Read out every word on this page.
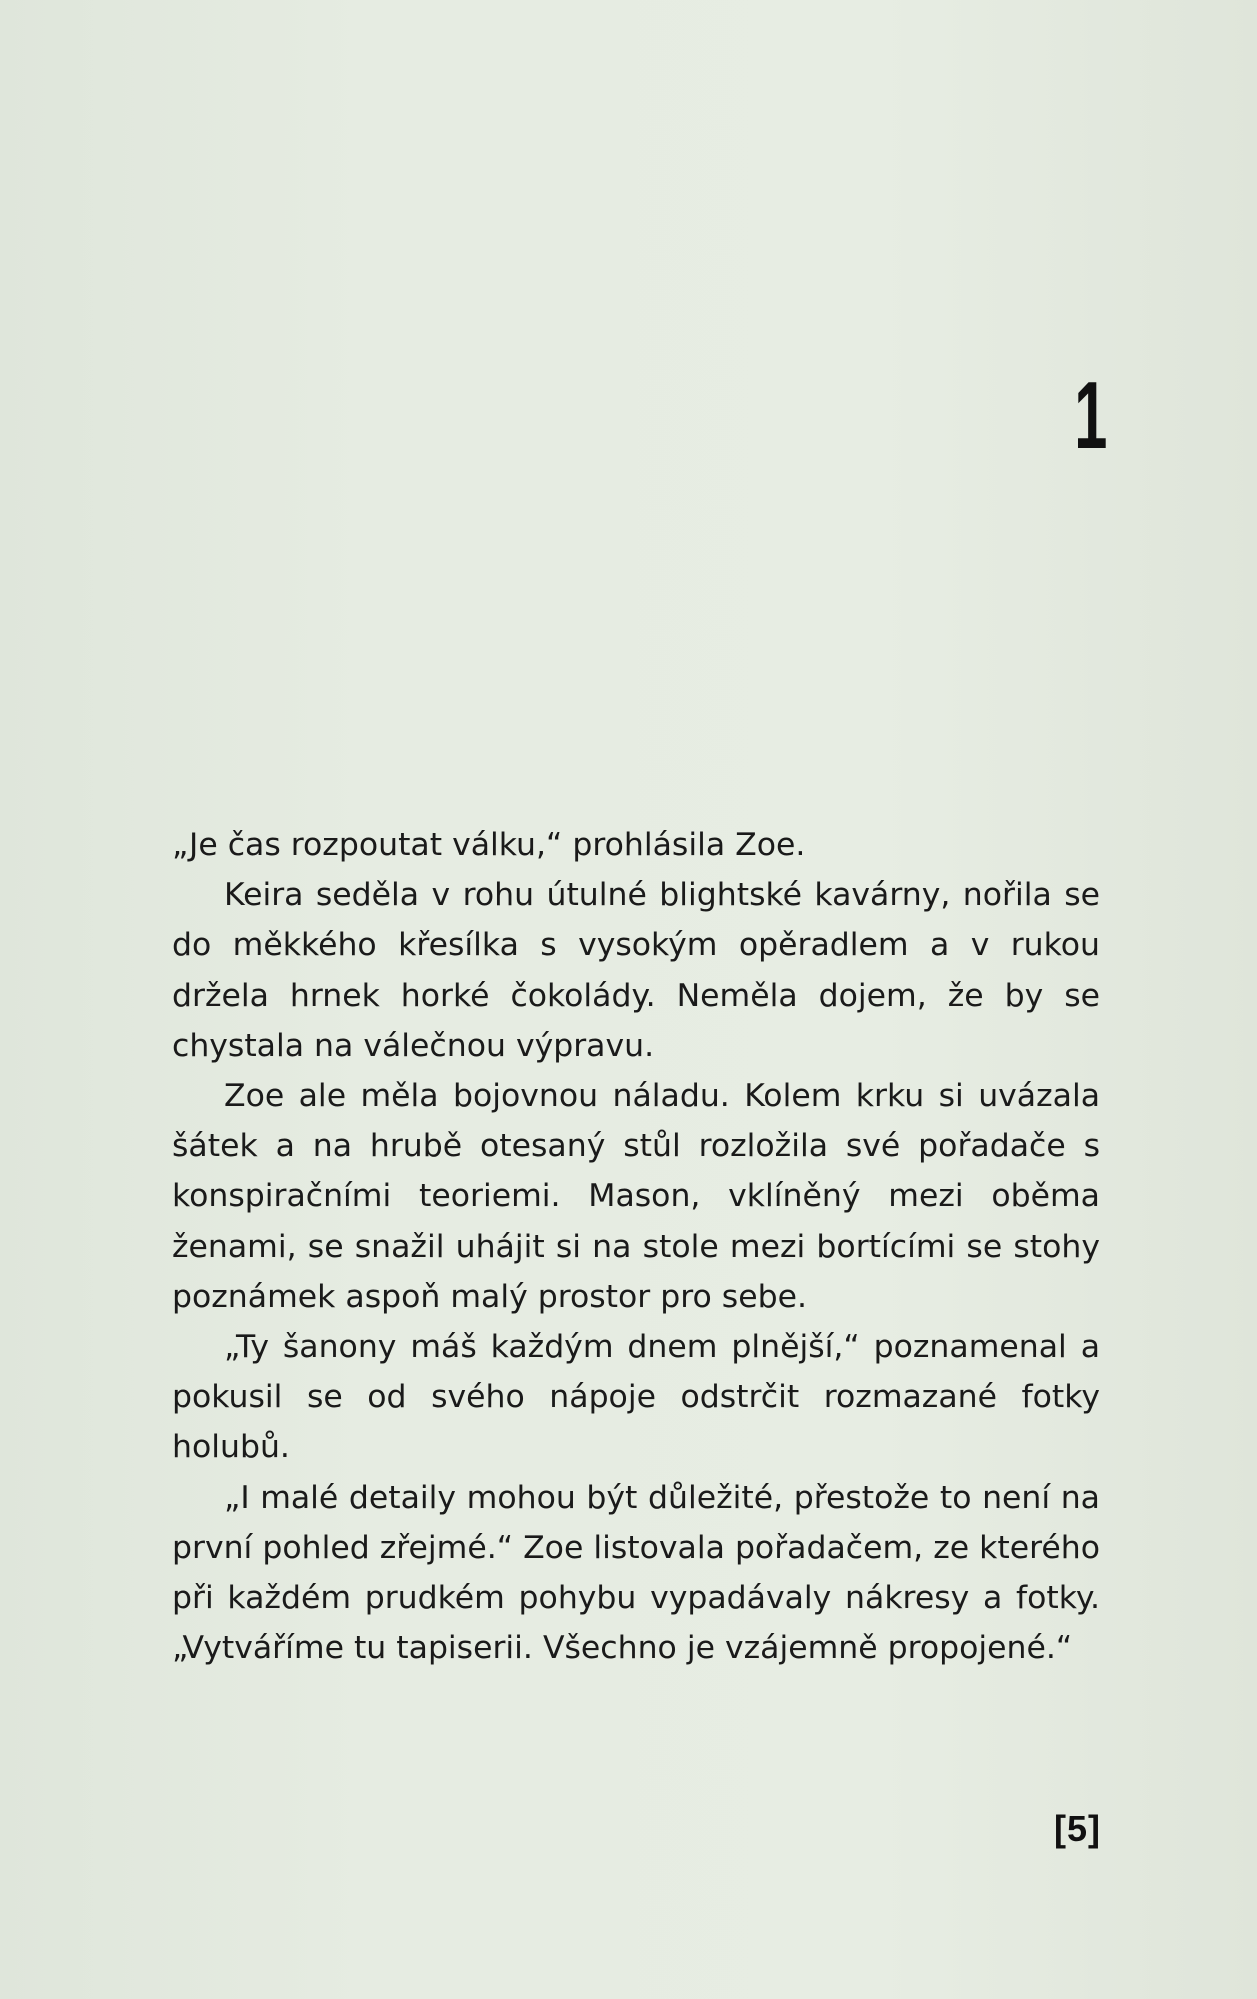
1

„Je čas rozpoutat válku,“ prohlásila Zoe.

Keira seděla v rohu útulné blightské kavárny, nořila se do měkkého křesílka s vysokým opěradlem a v rukou držela hrnek horké čokolády. Neměla dojem, že by se chystala na válečnou výpravu.

Zoe ale měla bojovnou náladu. Kolem krku si uvázala šátek a na hrubě otesaný stůl rozložila své pořadače s konspiračními teoriemi. Mason, vklíněný mezi oběma ženami, se snažil uhájit si na stole mezi bortícími se stohy poznámek aspoň malý prostor pro sebe.

„Ty šanony máš každým dnem plnější,“ poznamenal a pokusil se od svého nápoje odstrčit rozmazané fotky holubů.

„I malé detaily mohou být důležité, přestože to není na první pohled zřejmé.“ Zoe listovala pořadačem, ze kterého při každém prudkém pohybu vypadávaly nákresy a fotky. „Vytváříme tu tapiserii. Všechno je vzájemně propojené.“

[5]
